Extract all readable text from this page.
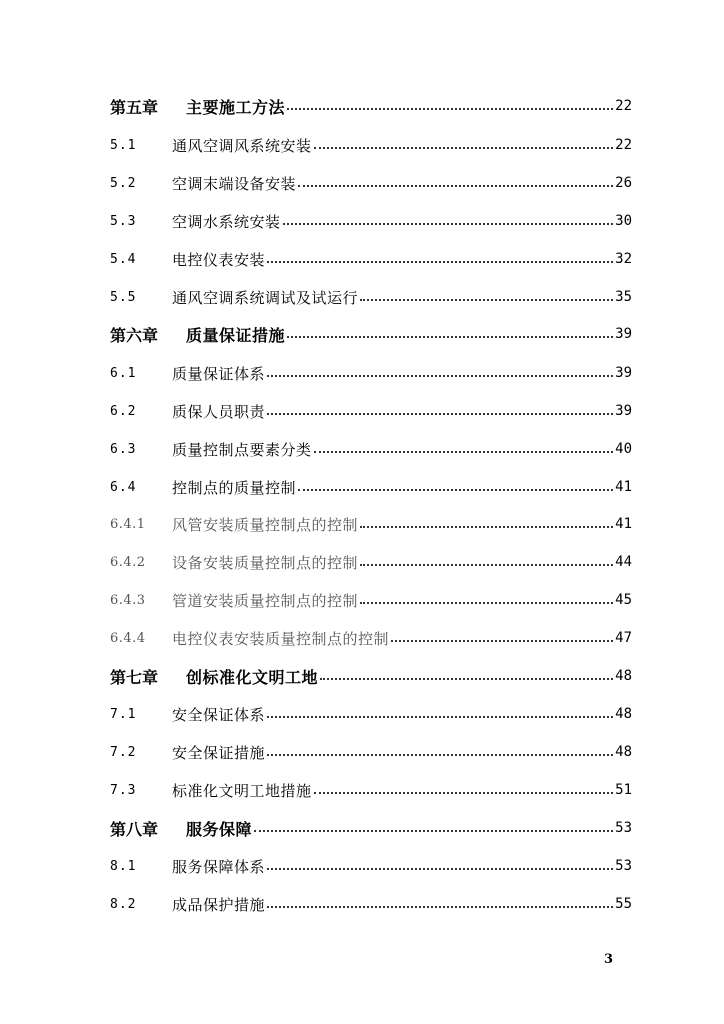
第五章	主要施工方法	22
5.1	通风空调风系统安装	22
5.2	空调末端设备安装	26
5.3	空调水系统安装	30
5.4	电控仪表安装	32
5.5	通风空调系统调试及试运行	35
第六章	质量保证措施	39
6.1	质量保证体系	39
6.2	质保人员职责	39
6.3	质量控制点要素分类	40
6.4	控制点的质量控制	41
6.4.1	风管安装质量控制点的控制	41
6.4.2	设备安装质量控制点的控制	44
6.4.3	管道安装质量控制点的控制	45
6.4.4	电控仪表安装质量控制点的控制	47
第七章	创标准化文明工地	48
7.1	安全保证体系	48
7.2	安全保证措施	48
7.3	标准化文明工地措施	51
第八章	服务保障	53
8.1	服务保障体系	53
8.2	成品保护措施	55
3
